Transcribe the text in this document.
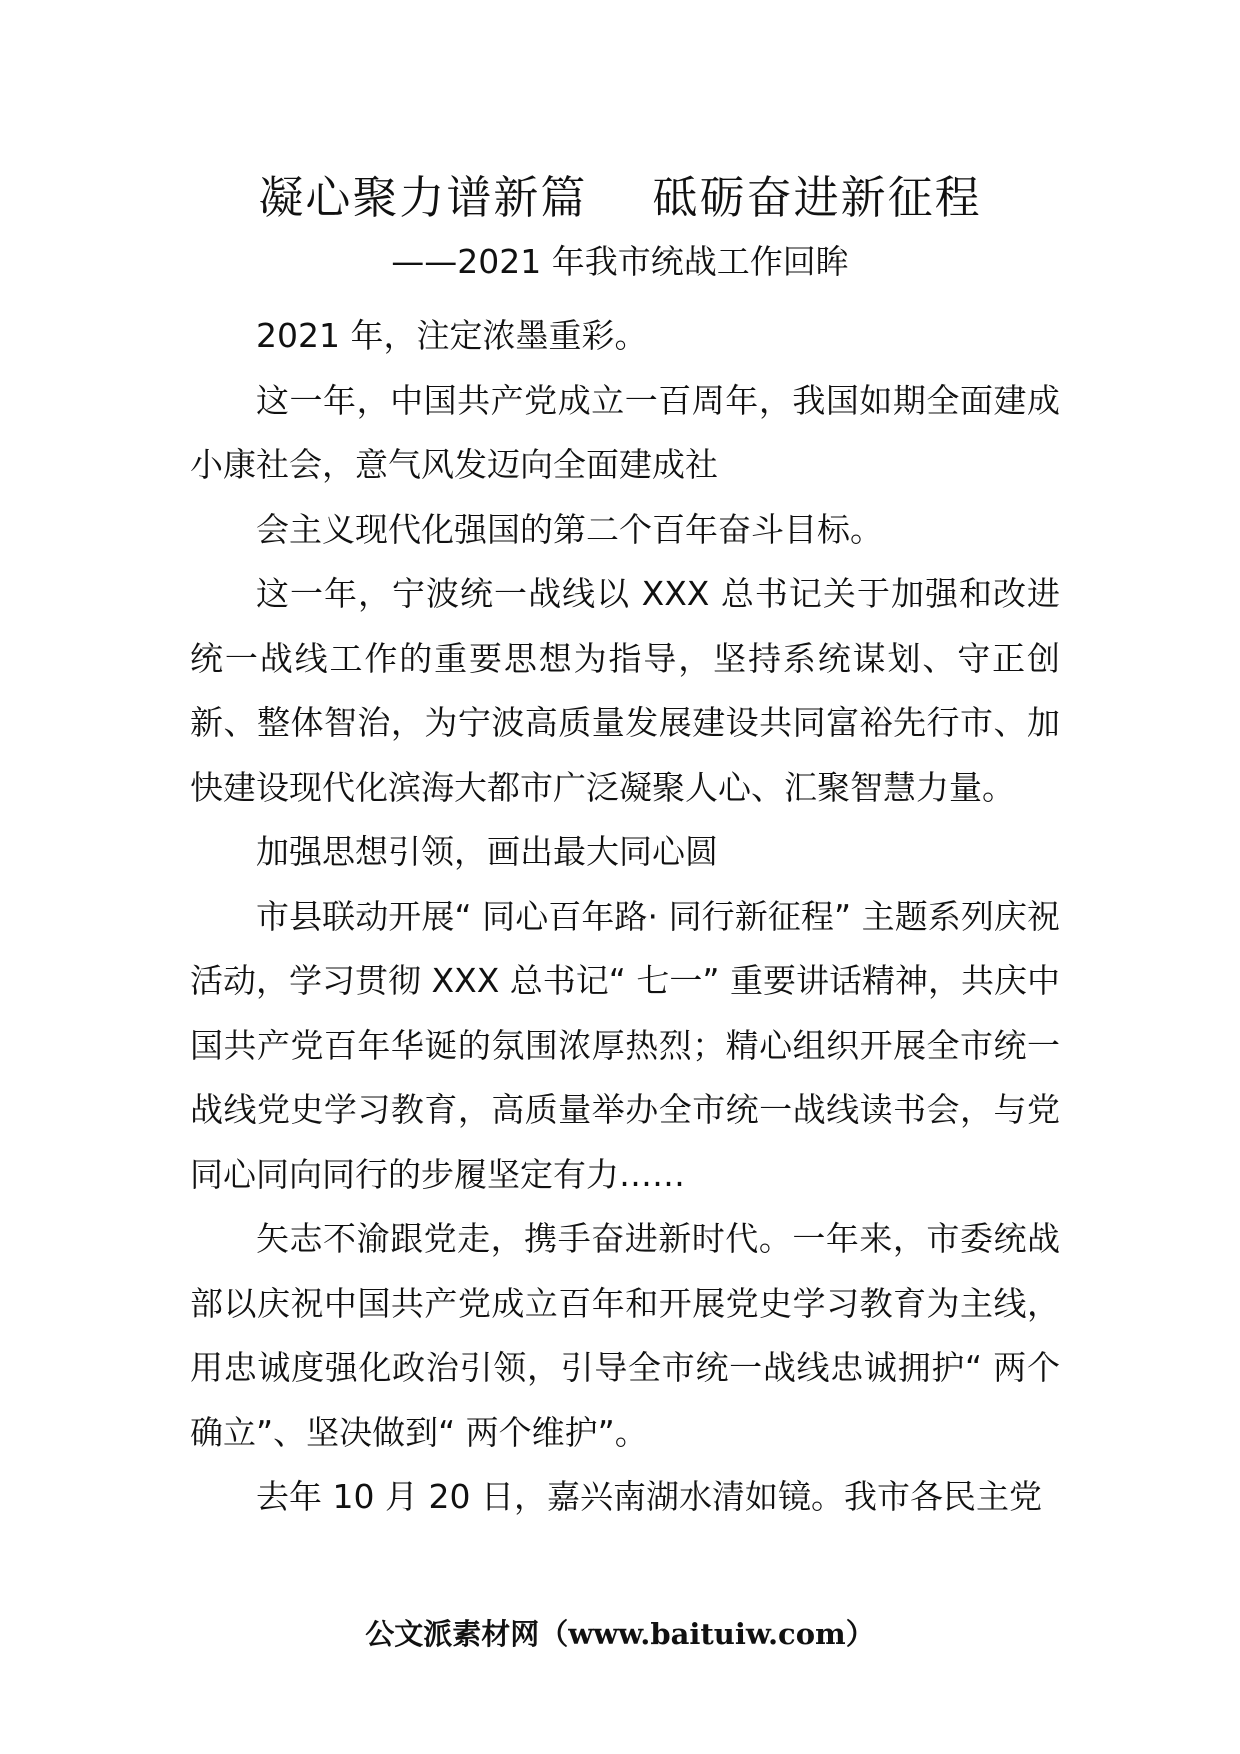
凝心聚力谱新篇    砥砺奋进新征程
——2021 年我市统战工作回眸

2021 年，注定浓墨重彩。

这一年，中国共产党成立一百周年，我国如期全面建成小康社会，意气风发迈向全面建成社

会主义现代化强国的第二个百年奋斗目标。

这一年，宁波统一战线以 XXX 总书记关于加强和改进统一战线工作的重要思想为指导，坚持系统谋划、守正创新、整体智治，为宁波高质量发展建设共同富裕先行市、加快建设现代化滨海大都市广泛凝聚人心、汇聚智慧力量。

加强思想引领，画出最大同心圆

市县联动开展“ 同心百年路· 同行新征程” 主题系列庆祝活动，学习贯彻 XXX 总书记“ 七一” 重要讲话精神，共庆中国共产党百年华诞的氛围浓厚热烈；精心组织开展全市统一战线党史学习教育，高质量举办全市统一战线读书会，与党同心同向同行的步履坚定有力……

矢志不渝跟党走，携手奋进新时代。一年来，市委统战部以庆祝中国共产党成立百年和开展党史学习教育为主线，用忠诚度强化政治引领，引导全市统一战线忠诚拥护“ 两个确立”、坚决做到“ 两个维护”。

去年 10 月 20 日，嘉兴南湖水清如镜。我市各民主党

公文派素材网（www.baituiw.com）
